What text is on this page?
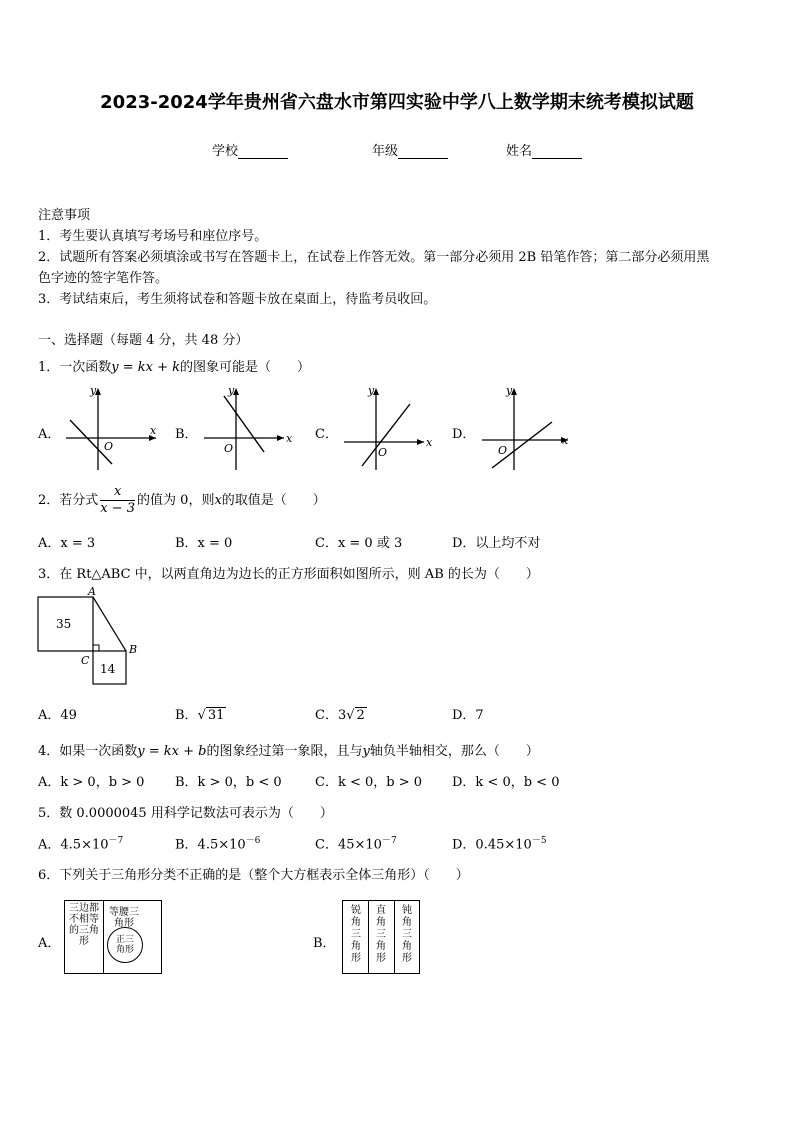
2023-2024学年贵州省六盘水市第四实验中学八上数学期末统考模拟试题
学校	年级	姓名
注意事项
1．考生要认真填写考场号和座位序号。
2．试题所有答案必须填涂或书写在答题卡上，在试卷上作答无效。第一部分必须用 2B 铅笔作答；第二部分必须用黑
色字迹的签字笔作答。
3．考试结束后，考生须将试卷和答题卡放在桌面上，待监考员收回。
一、选择题（每题 4 分，共 48 分）
1．一次函数y = kx + k的图象可能是（　　）
A．
y
x
O
B．
y
x
O
C．
y
x
O
D．
y
x
O
2．若分式 $\frac{x}{x - 3}$ 的值为 0，则x的取值是（　　）
A．x = 3	B．x = 0	C．x = 0 或 3	D．以上均不对
3．在 Rt△ABC 中，以两直角边为边长的正方形面积如图所示，则 AB 的长为（　　）
A
B
C
35
14
A．49	B．√ 31	C．3√ 2	D．7
4．如果一次函数y = kx + b的图象经过第一象限，且与y轴负半轴相交，那么（　　）
A．k > 0，b > 0 B．k > 0，b < 0	C．k < 0，b > 0 D．k < 0，b < 0
5．数 0.0000045 用科学记数法可表示为（　　）
A．$4.5\times 10^{-7}$	B．$4.5\times 10^{-6}$	C．$45\times 10^{-7}$	D．$0.45\times 10^{-5}$
6．下列关于三角形分类不正确的是（整个大方框表示全体三角形）（　　）
A．
三边都不相等的三角形
等腰三角形
正三角形	B．
锐角三角形
直角三角形
钝角三角形
